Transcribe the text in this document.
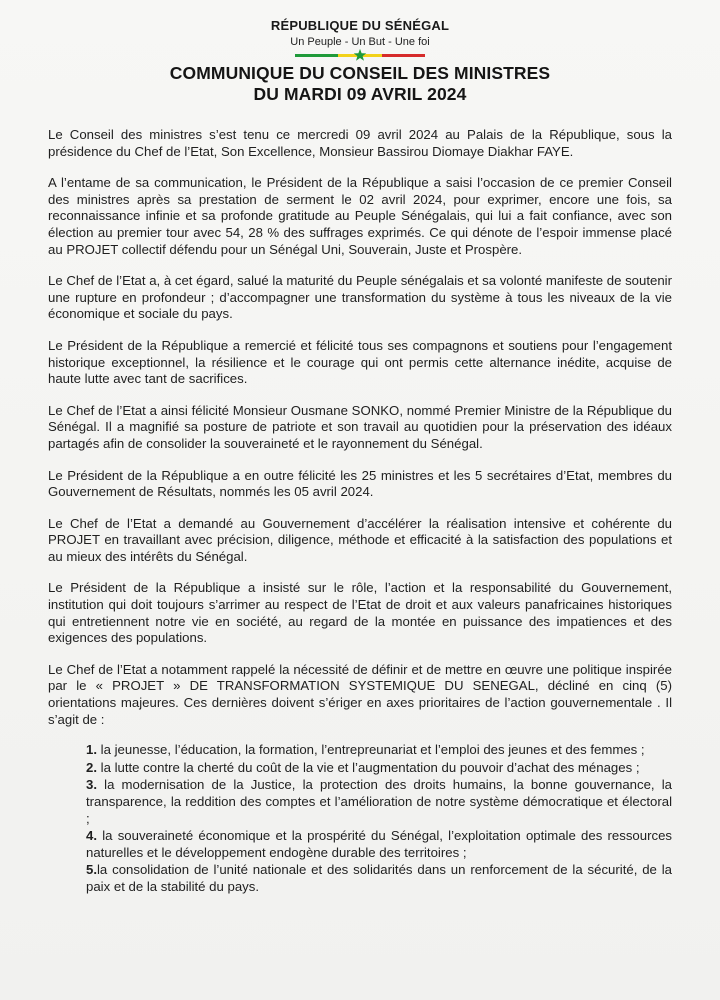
RÉPUBLIQUE DU SÉNÉGAL

Un Peuple - Un But - Une foi

COMMUNIQUE DU CONSEIL DES MINISTRES
DU MARDI 09 AVRIL 2024

Le Conseil des ministres s’est tenu ce mercredi 09 avril 2024 au Palais de la République, sous la présidence du Chef de l’Etat, Son Excellence, Monsieur Bassirou Diomaye Diakhar FAYE.

A l’entame de sa communication, le Président de la République a saisi l’occasion de ce premier Conseil des ministres après sa prestation de serment le 02 avril 2024, pour exprimer, encore une fois, sa reconnaissance infinie et sa profonde gratitude au Peuple Sénégalais, qui lui a fait confiance, avec son élection au premier tour avec 54, 28 % des suffrages exprimés. Ce qui dénote de l’espoir immense placé au PROJET collectif défendu pour un Sénégal Uni, Souverain, Juste et Prospère.

Le Chef de l’Etat a, à cet égard, salué la maturité du Peuple sénégalais et sa volonté manifeste de soutenir une rupture en profondeur ; d’accompagner une transformation du système à tous les niveaux de la vie économique et sociale du pays.

Le Président de la République a remercié et félicité tous ses compagnons et soutiens pour l’engagement historique exceptionnel, la résilience et le courage qui ont permis cette alternance inédite, acquise de haute lutte avec tant de sacrifices.

Le Chef de l’Etat a ainsi félicité Monsieur Ousmane SONKO, nommé Premier Ministre de la République du Sénégal. Il a magnifié sa posture de patriote et son travail au quotidien pour la préservation des idéaux partagés afin de consolider la souveraineté et le rayonnement du Sénégal.

Le Président de la République a en outre félicité les 25 ministres et les 5 secrétaires d’Etat, membres du Gouvernement de Résultats, nommés les 05 avril 2024.

Le Chef de l’Etat a demandé au Gouvernement d’accélérer la réalisation intensive et cohérente du PROJET en travaillant avec précision, diligence, méthode et efficacité à la satisfaction des populations et au mieux des intérêts du Sénégal.

Le Président de la République a insisté sur le rôle, l’action et la responsabilité du Gouvernement, institution qui doit toujours s’arrimer au respect de l’Etat de droit et aux valeurs panafricaines historiques qui entretiennent notre vie en société, au regard de la montée en puissance des impatiences et des exigences des populations.

Le Chef de l’Etat a notamment rappelé la nécessité de définir et de mettre en œuvre une politique inspirée par le « PROJET » DE TRANSFORMATION SYSTEMIQUE DU SENEGAL, décliné en cinq (5) orientations majeures. Ces dernières doivent s’ériger en axes prioritaires de l’action gouvernementale . Il s’agit de :

1. la jeunesse, l’éducation, la formation, l’entrepreunariat et l’emploi des jeunes et des femmes ;

2. la lutte contre la cherté du coût de la vie et l’augmentation du pouvoir d’achat des ménages ;

3. la modernisation de la Justice, la protection des droits humains, la bonne gouvernance, la transparence, la reddition des comptes et l’amélioration de notre système démocratique et électoral ;

4. la souveraineté économique et la prospérité du Sénégal, l’exploitation optimale des ressources naturelles et le développement endogène durable des territoires ;

5.la consolidation de l’unité nationale et des solidarités dans un renforcement de la sécurité, de la paix et de la stabilité du pays.
